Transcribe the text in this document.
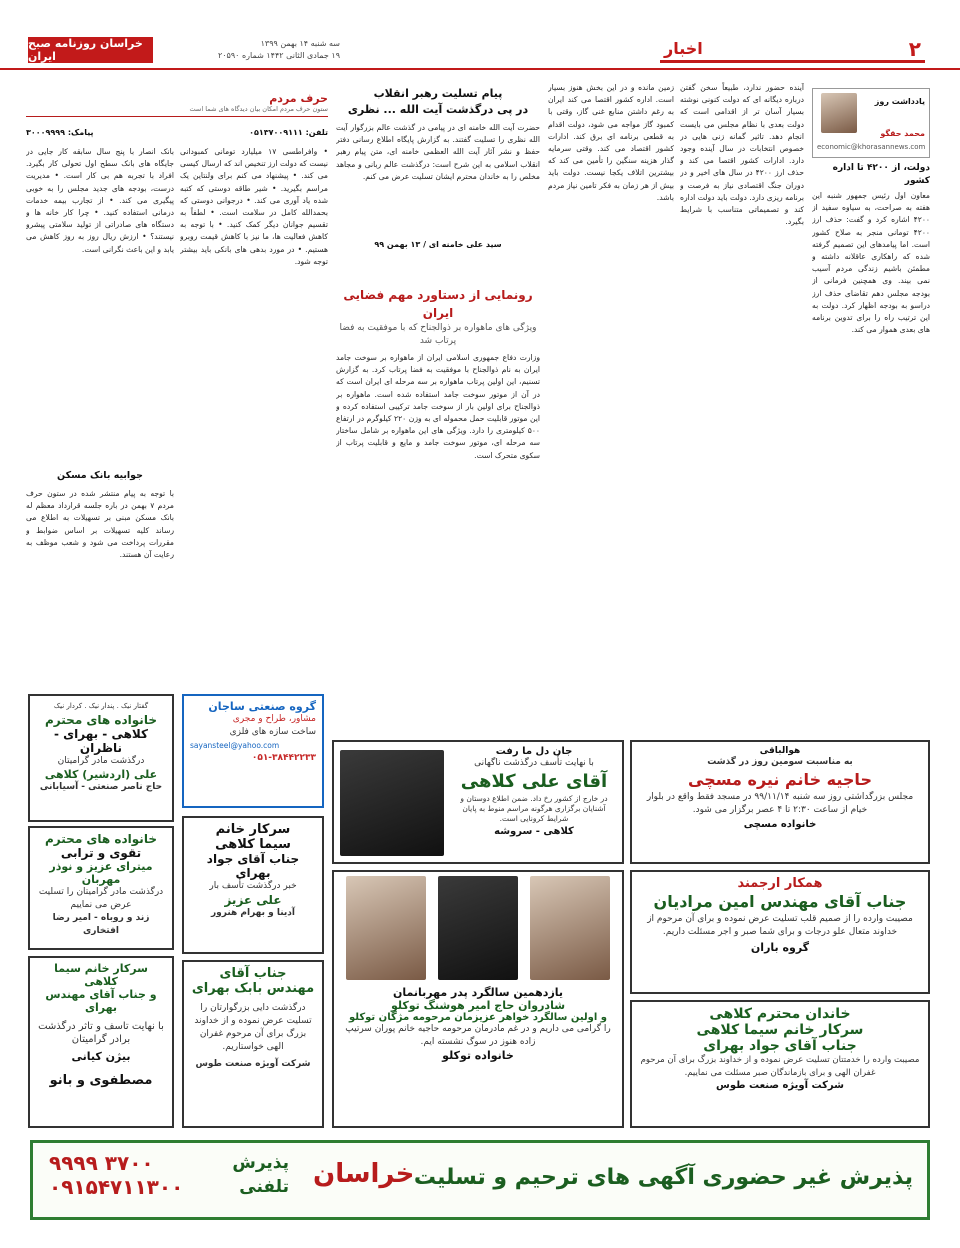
خراسان روزنامه صبح ایران
سه شنبه ۱۴ بهمن ۱۳۹۹
۱۹ جمادی الثانی ۱۴۴۲ شماره ۲۰۵۹۰	اخبار	۲
یادداشت روز
محمد حقگو
economic@khorasannews.com
دولت، از ۴۲۰۰ تا اداره کشور
معاون اول رئیس جمهور شنبه این هفته به صراحت، به سیاوه سفید از ۴۲۰۰ اشاره کرد و گفت: حذف ارز ۴۲۰۰ تومانی منجر به صلاح کشور است. اما پیامدهای این تصمیم گرفته شده که راهکاری عاقلانه داشته و مطمئن باشیم زندگی مردم آسیب نمی بیند. وی همچنین فرمانی از بودجه مجلس دهم تقاضای حذف ارز دراسو به بودجه اظهار کرد. دولت به این ترتیب راه را برای تدوین برنامه های بعدی هموار می کند.
آینده حضور ندارد، طبیعاً سخن گفتن درباره دیگانه ای که دولت کنونی نوشته بسیار آسان تر از اقدامی است که دولت بعدی با نظام مجلس می بایست انجام دهد. تاثیر گمانه زنی هایی در خصوص انتخابات در سال آینده وجود دارد. ادارات کشور اقتصا می کند و حذف ارز ۴۲۰۰ در سال های اخیر و در دوران جنگ اقتصادی نیاز به فرصت و برنامه ریزی دارد. دولت باید دولت اداره کند و تصمیماتی متناسب با شرایط بگیرد.
زمین مانده و در این بخش هنوز بسیار است. اداره کشور اقتصا می کند ایران به رغم داشتن منابع غنی گاز، وقتی با کمبود گاز مواجه می شود، دولت اقدام به قطعی برنامه ای برق کند. ادارات کشور اقتصاد می کند. وقتی سرمایه گذار هزینه سنگین را تأمین می کند که بیشترین اتلاف یکجا نیست. دولت باید بیش از هر زمان به فکر تامین نیاز مردم باشد.
پیام تسلیت رهبر انقلاب
در پی درگذشت آیت الله ... نظری
حضرت آیت الله خامنه ای در پیامی در گذشت عالم بزرگوار آیت الله نظری را تسلیت گفتند. به گزارش پایگاه اطلاع رسانی دفتر حفظ و نشر آثار آیت الله العظمی خامنه ای، متن پیام رهبر انقلاب اسلامی به این شرح است: درگذشت عالم ربانی و مجاهد مخلص را به خاندان محترم ایشان تسلیت عرض می کنم.
سید علی خامنه ای / ۱۳ بهمن ۹۹
رونمایی از دستاورد مهم فضایی ایران
ویژگی های ماهواره بر ذوالجناح که با موفقیت به فضا پرتاب شد
وزارت دفاع جمهوری اسلامی ایران از ماهواره بر سوخت جامد ایران به نام ذوالجناح با موفقیت به فضا پرتاب کرد. به گزارش تسنیم، این اولین پرتاب ماهواره بر سه مرحله ای ایران است که در آن از موتور سوخت جامد استفاده شده است. ماهواره بر ذوالجناح برای اولین بار از سوخت جامد ترکیبی استفاده کرده و این موتور قابلیت حمل محموله ای به وزن ۲۲۰ کیلوگرم در ارتفاع ۵۰۰ کیلومتری را دارد. ویژگی های این ماهواره بر شامل ساختار سه مرحله ای، موتور سوخت جامد و مایع و قابلیت پرتاب از سکوی متحرک است.
حرف مردم
ستون حرف مردم امکان بیان دیدگاه های شما است
تلفن: ۰۵۱۳۷۰۰۹۱۱۱
پیامک: ۳۰۰۰۹۹۹۹
• وافراطسی ۱۷ میلیارد تومانی کمبودانی نیست که دولت ارز تنخیص اند که ارسال کیسی می کند. • پیشنهاد می کنم برای ولنتاین یک مراسم بگیرید. • شیر طاقه دوستی که کتبه شده یاد آوری می کند. • درجوانی دوستی که بحمدالله کامل در سلامت است. • لطفاً به تقسیم جوانان دیگر کمک کنید. • با توجه به کاهش فعالیت ها، ما نیز با کاهش قیمت روبرو هستیم. • در مورد بدهی های بانکی باید بیشتر توجه شود.
بانک انصار با پنج سال سابقه کار جایی در جایگاه های بانک سطح اول تحولی کار بگیرد. افراد با تجربه هم بی کار است. • مدیریت درست، بودجه های جدید مجلس را به خوبی پیگیری می کند. • از تجارب بیمه خدمات درمانی استفاده کنید. • چرا کار خانه ها و دستگاه های صادراتی از تولید سلامتی پیشرو نیستند؟ • ارزش ریال روز به روز کاهش می یابد و این باعث نگرانی است.
جوابیه بانک مسکن
با توجه به پیام منتشر شده در ستون حرف مردم ۷ بهمن در باره جلسه قرارداد معظم له بانک مسکن مبنی بر تسهیلات به اطلاع می رساند کلیه تسهیلات بر اساس ضوابط و مقررات پرداخت می شود و شعب موظف به رعایت آن هستند.
گروه صنعتی ساجان
مشاور، طراح و مجری
ساخت سازه های فلزی
sayansteel@yahoo.com
۰۵۱-۳۸۴۴۲۲۳۳
گفتار نیک . پندار نیک . کردار نیک
خانواده های محترم
کلاهی - بهرای - ناظران
درگذشت مادر گرامیتان
علی (اردشیر) کلاهی
حاج ناصر صنعتی - آسیابانی
خانواده های محترم
تقوی و ترابی
میترای عزیز و نوذر مهربان
درگذشت مادر گرامیتان را تسلیت عرض می نماییم
زند و روباه - امیر رضا افتخاری
سرکار خانم سیما کلاهی
و جناب آقای مهندس بهرای
با نهایت تاسف و تاثر درگذشت برادر گرامیتان
بیژن کیانی
مصطفوی و بانو
سرکار خانم
سیما کلاهی
جناب آقای جواد بهرای
خبر درگذشت تأسف بار
علی عزیز
آدینا و بهرام هنرور
جناب آقای
مهندس بابک بهرای
درگذشت دایی بزرگوارتان را تسلیت عرض نموده و از خداوند بزرگ برای آن مرحوم غفران الهی خواستاریم.
شرکت آویژه صنعت طوس
جان دل ما رفت
با نهایت تأسف درگذشت ناگهانی
آقای علی کلاهی
در خارج از کشور رخ داد. ضمن اطلاع دوستان و آشنایان برگزاری هرگونه مراسم منوط به پایان شرایط کرونایی است.
کلاهی - سروشه
یازدهمین سالگرد پدر مهربانمان
شادروان حاج امیر هوشنگ توکلو
و اولین سالگرد خواهر عزیزمان مرحومه مژگان توکلو
را گرامی می داریم و در غم مادرمان مرحومه حاجیه خانم پوران سرتیپ زاده هنوز در سوگ نشسته ایم.
خانواده توکلو
هوالباقی
به مناسبت سومین روز در گذشت
حاجیه خانم نیره مسچی
مجلس بزرگداشتی روز سه شنبه ۹۹/۱۱/۱۴ در مسجد فقط واقع در بلوار خیام از ساعت ۲:۳۰ تا ۴ عصر برگزار می شود.
خانواده مسچی
همکار ارجمند
جناب آقای مهندس امین مرادیان
مصیبت وارده را از صمیم قلب تسلیت عرض نموده و برای آن مرحوم از خداوند متعال علو درجات و برای شما صبر و اجر مسئلت داریم.
گروه باران
خاندان محترم کلاهی
سرکار خانم سیما کلاهی
جناب آقای جواد بهرای
مصیبت وارده را خدمتتان تسلیت عرض نموده و از خداوند بزرگ برای آن مرحوم غفران الهی و برای بازماندگان صبر مسئلت می نماییم.
شرکت آویژه صنعت طوس
پذیرش غیر حضوری آگهی های ترحیم و تسلیت
خراسان
پذیرش
۳۷۰۰ ۹۹۹۹
تلفنی
۰۹۱۵۴۷۱۱۳۰۰
